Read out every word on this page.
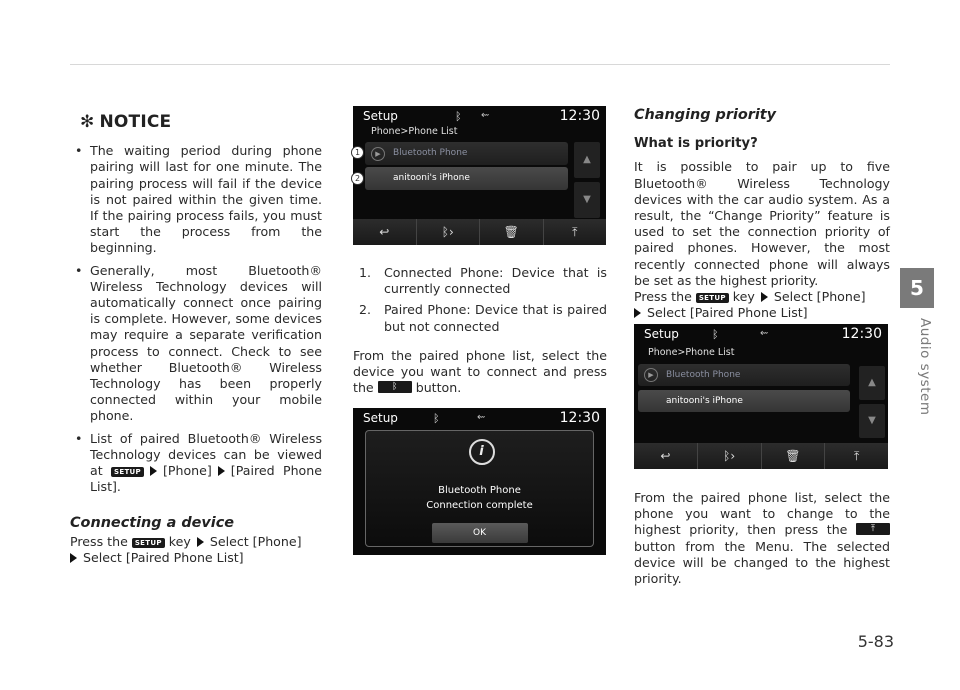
✻ NOTICE
• The waiting period during phone pairing will last for one minute. The pairing process will fail if the device is not paired within the given time. If the pairing process fails, you must start the process from the beginning.
• Generally, most Bluetooth® Wireless Technology devices will automatically connect once pairing is complete. However, some devices may require a separate verification process to connect. Check to see whether Bluetooth® Wireless Technology has been properly connected within your mobile phone.
• List of paired Bluetooth® Wireless Technology devices can be viewed at SETUP [Phone] [Paired Phone List].
Connecting a device

Press the SETUP key Select [Phone]
Select [Paired Phone List]

Setup	ᛒ ⇜	12:30
Phone>Phone List
▶	Bluetooth Phone
anitooni's iPhone
▲
▼
↩	ᛒ›	🗑	⤒
1
2
1. Connected Phone: Device that is currently connected
2. Paired Phone: Device that is paired but not connected

From the paired phone list, select the device you want to connect and press the	ᛒ	button.

Setup	ᛒ	⇜	12:30
i
Bluetooth Phone
Connection complete
OK
Changing priority
What is priority?

It is possible to pair up to five Bluetooth® Wireless Technology devices with the car audio system. As a result, the “Change Priority” feature is used to set the connection priority of paired phones. However, the most recently connected phone will always be set as the highest priority.

Press the SETUP key Select [Phone]
Select [Paired Phone List]

Setup	ᛒ	⇜	12:30
Phone>Phone List
▶	Bluetooth Phone
anitooni's iPhone
▲
▼
↩	ᛒ›	🗑	⤒

From the paired phone list, select the phone you want to change to the highest priority, then press the	⤒
button from the Menu. The selected device will be changed to the highest priority.

5
Audio system
5-83
